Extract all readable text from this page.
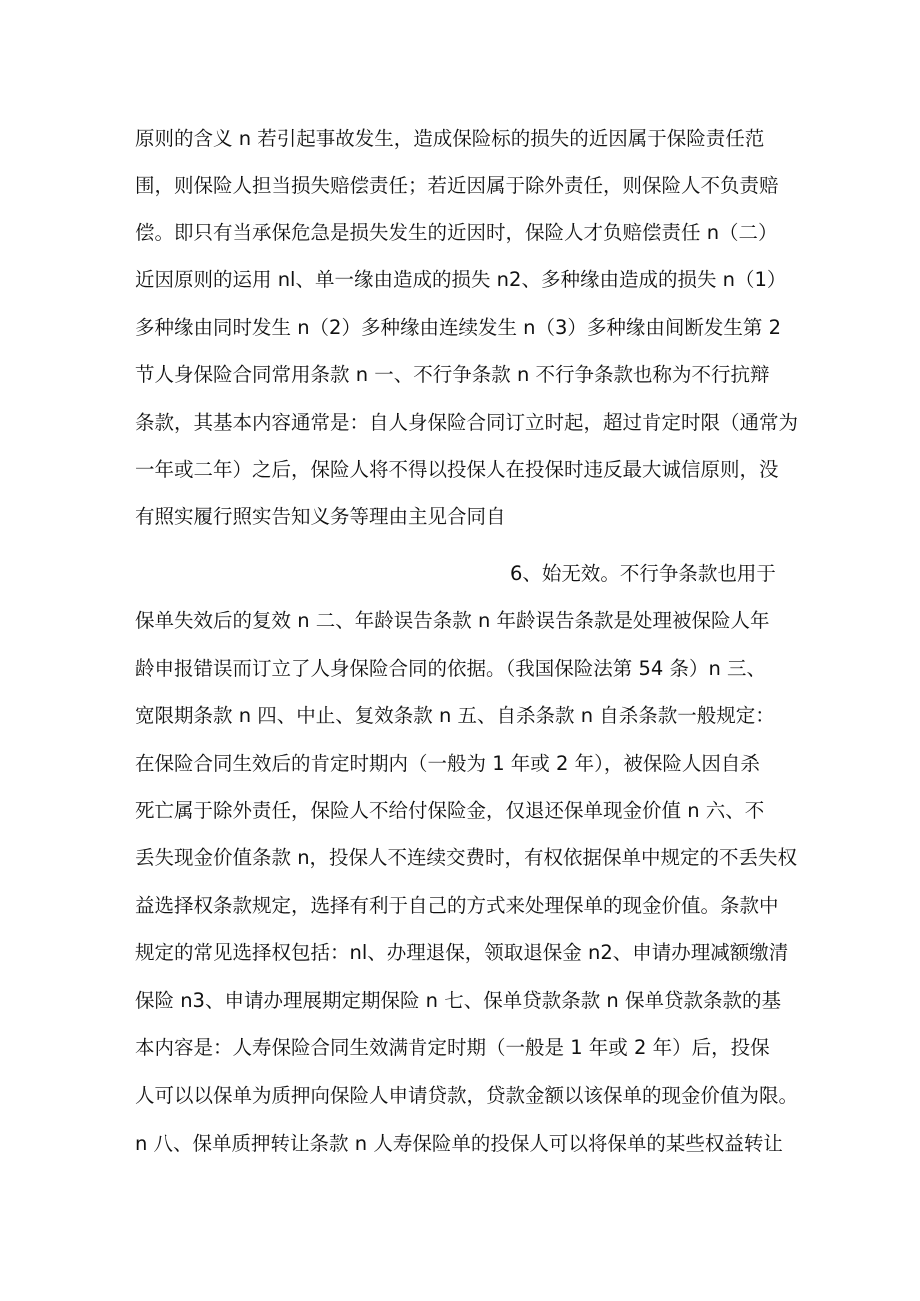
原则的含义 n 若引起事故发生，造成保险标的损失的近因属于保险责任范
围，则保险人担当损失赔偿责任；若近因属于除外责任，则保险人不负责赔
偿。即只有当承保危急是损失发生的近因时，保险人才负赔偿责任 n（二）
近因原则的运用 nl、单一缘由造成的损失 n2、多种缘由造成的损失 n（1）
多种缘由同时发生 n（2）多种缘由连续发生 n（3）多种缘由间断发生第 2
节人身保险合同常用条款 n 一、不行争条款 n 不行争条款也称为不行抗辩
条款，其基本内容通常是：自人身保险合同订立时起，超过肯定时限（通常为
一年或二年）之后，保险人将不得以投保人在投保时违反最大诚信原则，没
有照实履行照实告知义务等理由主见合同自
6、始无效。不行争条款也用于
保单失效后的复效 n 二、年龄误告条款 n 年龄误告条款是处理被保险人年
龄申报错误而订立了人身保险合同的依据。（我国保险法第 54 条）n 三、
宽限期条款 n 四、中止、复效条款 n 五、自杀条款 n 自杀条款一般规定：
在保险合同生效后的肯定时期内（一般为 1 年或 2 年），被保险人因自杀
死亡属于除外责任，保险人不给付保险金，仅退还保单现金价值 n 六、不
丢失现金价值条款 n，投保人不连续交费时，有权依据保单中规定的不丢失权
益选择权条款规定，选择有利于自己的方式来处理保单的现金价值。条款中
规定的常见选择权包括：nl、办理退保，领取退保金 n2、申请办理减额缴清
保险 n3、申请办理展期定期保险 n 七、保单贷款条款 n 保单贷款条款的基
本内容是：人寿保险合同生效满肯定时期（一般是 1 年或 2 年）后，投保
人可以以保单为质押向保险人申请贷款，贷款金额以该保单的现金价值为限。
n 八、保单质押转让条款 n 人寿保险单的投保人可以将保单的某些权益转让
